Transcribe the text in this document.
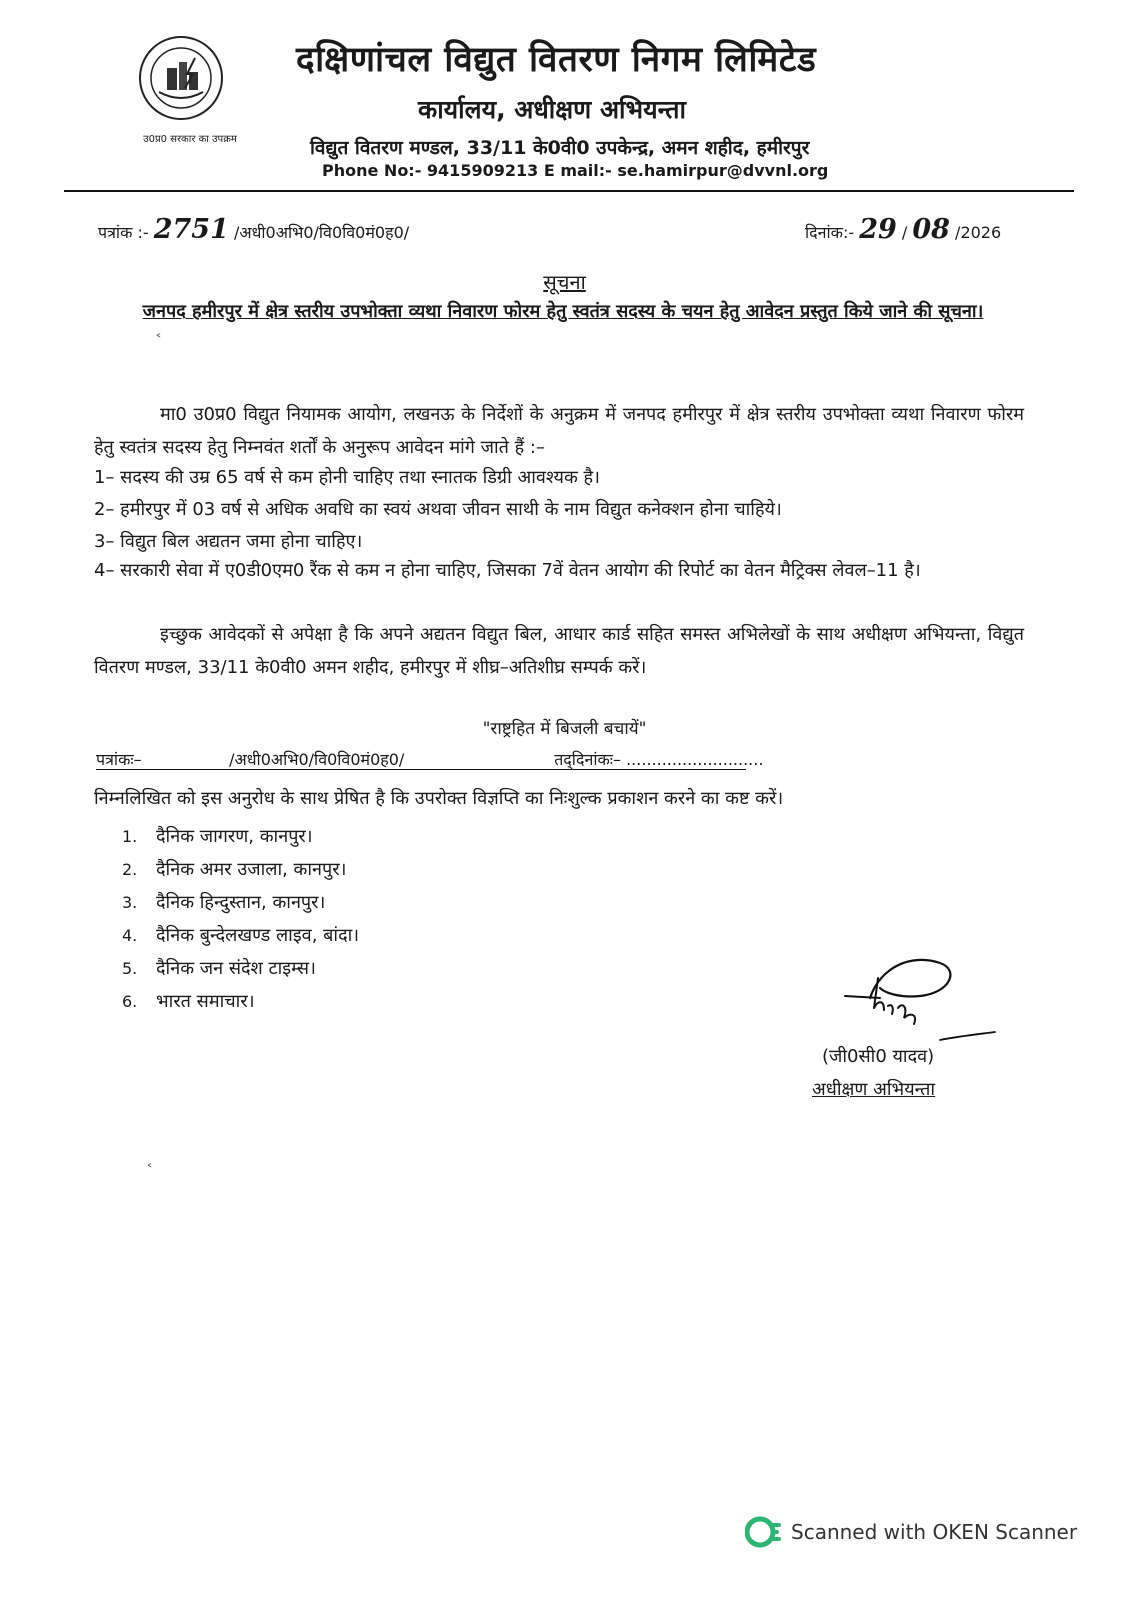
उ0प्र0 सरकार का उपक्रम
दक्षिणांचल विद्युत वितरण निगम लिमिटेड
कार्यालय, अधीक्षण अभियन्ता
विद्युत वितरण मण्डल, 33/11 के0वी0 उपकेन्द्र, अमन शहीद, हमीरपुर
Phone No:- 9415909213 E mail:- se.hamirpur@dvvnl.org
पत्रांक :- 2751 /अधी0अभि0/वि0वि0मं0ह0/	दिनांक:- 29 / 08 /2026
सूचना
जनपद हमीरपुर में क्षेत्र स्तरीय उपभोक्ता व्यथा निवारण फोरम हेतु स्वतंत्र सदस्य के चयन हेतु आवेदन प्रस्तुत किये जाने की सूचना।
मा0 उ0प्र0 विद्युत नियामक आयोग, लखनऊ के निर्देशों के अनुक्रम में जनपद हमीरपुर में क्षेत्र स्तरीय उपभोक्ता व्यथा निवारण फोरम हेतु स्वतंत्र सदस्य हेतु निम्नवंत शर्तों के अनुरूप आवेदन मांगे जाते हैं :–
1– सदस्य की उम्र 65 वर्ष से कम होनी चाहिए तथा स्नातक डिग्री आवश्यक है।
2– हमीरपुर में 03 वर्ष से अधिक अवधि का स्वयं अथवा जीवन साथी के नाम विद्युत कनेक्शन होना चाहिये।
3– विद्युत बिल अद्यतन जमा होना चाहिए।
4– सरकारी सेवा में ए0डी0एम0 रैंक से कम न होना चाहिए, जिसका 7वें वेतन आयोग की रिपोर्ट का वेतन मैट्रिक्स लेवल–11 है।
इच्छुक आवेदकों से अपेक्षा है कि अपने अद्यतन विद्युत बिल, आधार कार्ड सहित समस्त अभिलेखों के साथ अधीक्षण अभियन्ता, विद्युत वितरण मण्डल, 33/11 के0वी0 अमन शहीद, हमीरपुर में शीघ्र–अतिशीघ्र सम्पर्क करें।
"राष्ट्रहित में बिजली बचायें"
पत्रांकः–	/अधी0अभि0/वि0वि0मं0ह0/	तद्‌दिनांकः– ...........................
निम्नलिखित को इस अनुरोध के साथ प्रेषित है कि उपरोक्त विज्ञप्ति का निःशुल्क प्रकाशन करने का कष्ट करें।
1. दैनिक जागरण, कानपुर।
2. दैनिक अमर उजाला, कानपुर।
3. दैनिक हिन्दुस्तान, कानपुर।
4. दैनिक बुन्देलखण्ड लाइव, बांदा।
5. दैनिक जन संदेश टाइम्स।
6. भारत समाचार।
(जी0सी0 यादव)
अधीक्षण अभियन्ता
˂
˂
Scanned with OKEN Scanner
